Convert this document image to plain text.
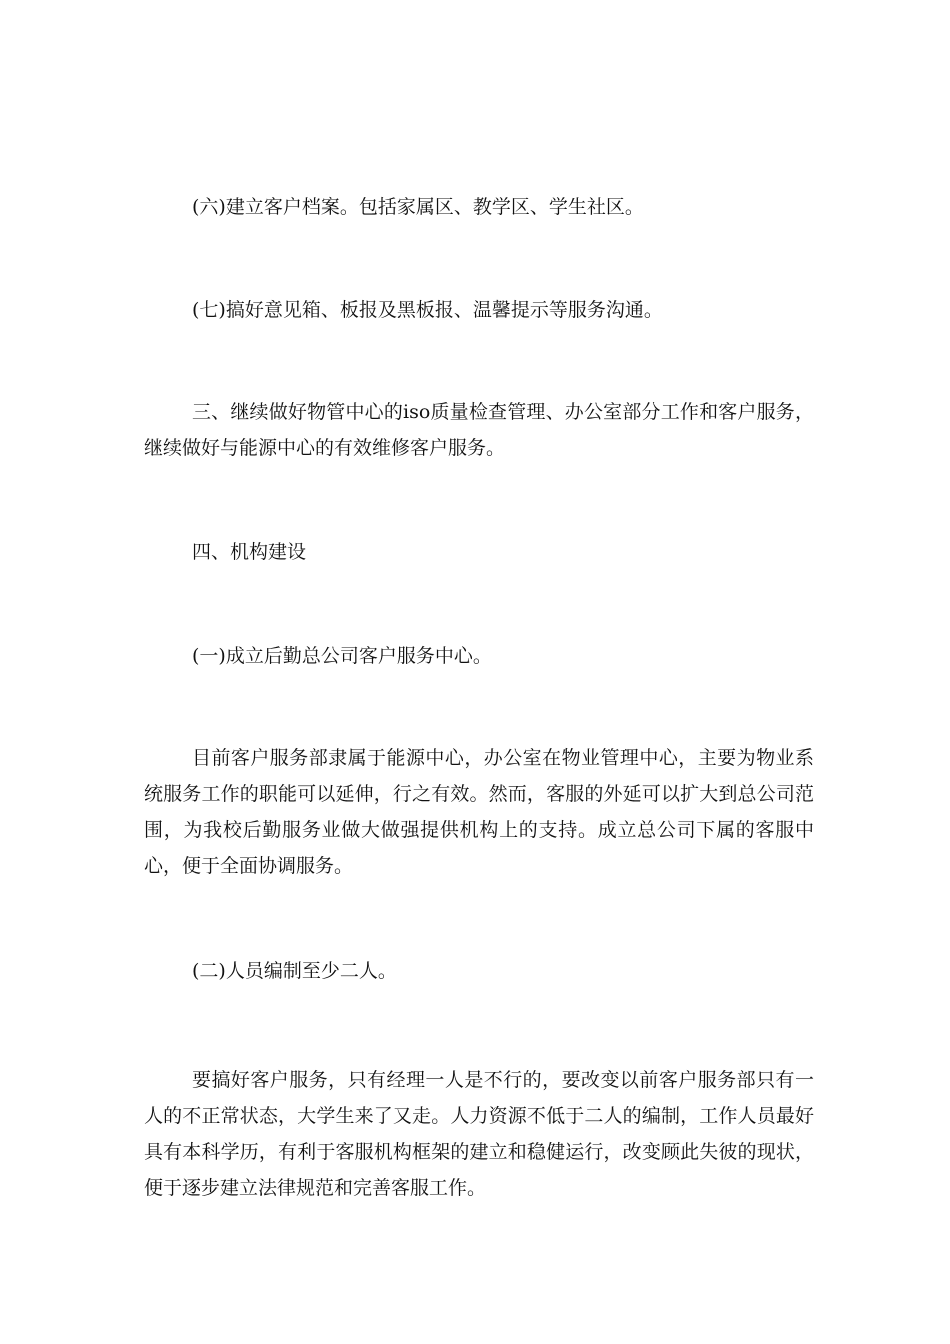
(六)建立客户档案。包括家属区、教学区、学生社区。

(七)搞好意见箱、板报及黑板报、温馨提示等服务沟通。

三、继续做好物管中心的iso质量检查管理、办公室部分工作和客户服务，继续做好与能源中心的有效维修客户服务。

四、机构建设

(一)成立后勤总公司客户服务中心。

目前客户服务部隶属于能源中心，办公室在物业管理中心，主要为物业系统服务工作的职能可以延伸，行之有效。然而，客服的外延可以扩大到总公司范围，为我校后勤服务业做大做强提供机构上的支持。成立总公司下属的客服中心，便于全面协调服务。

(二)人员编制至少二人。

要搞好客户服务，只有经理一人是不行的，要改变以前客户服务部只有一人的不正常状态，大学生来了又走。人力资源不低于二人的编制，工作人员最好具有本科学历，有利于客服机构框架的建立和稳健运行，改变顾此失彼的现状，便于逐步建立法律规范和完善客服工作。
